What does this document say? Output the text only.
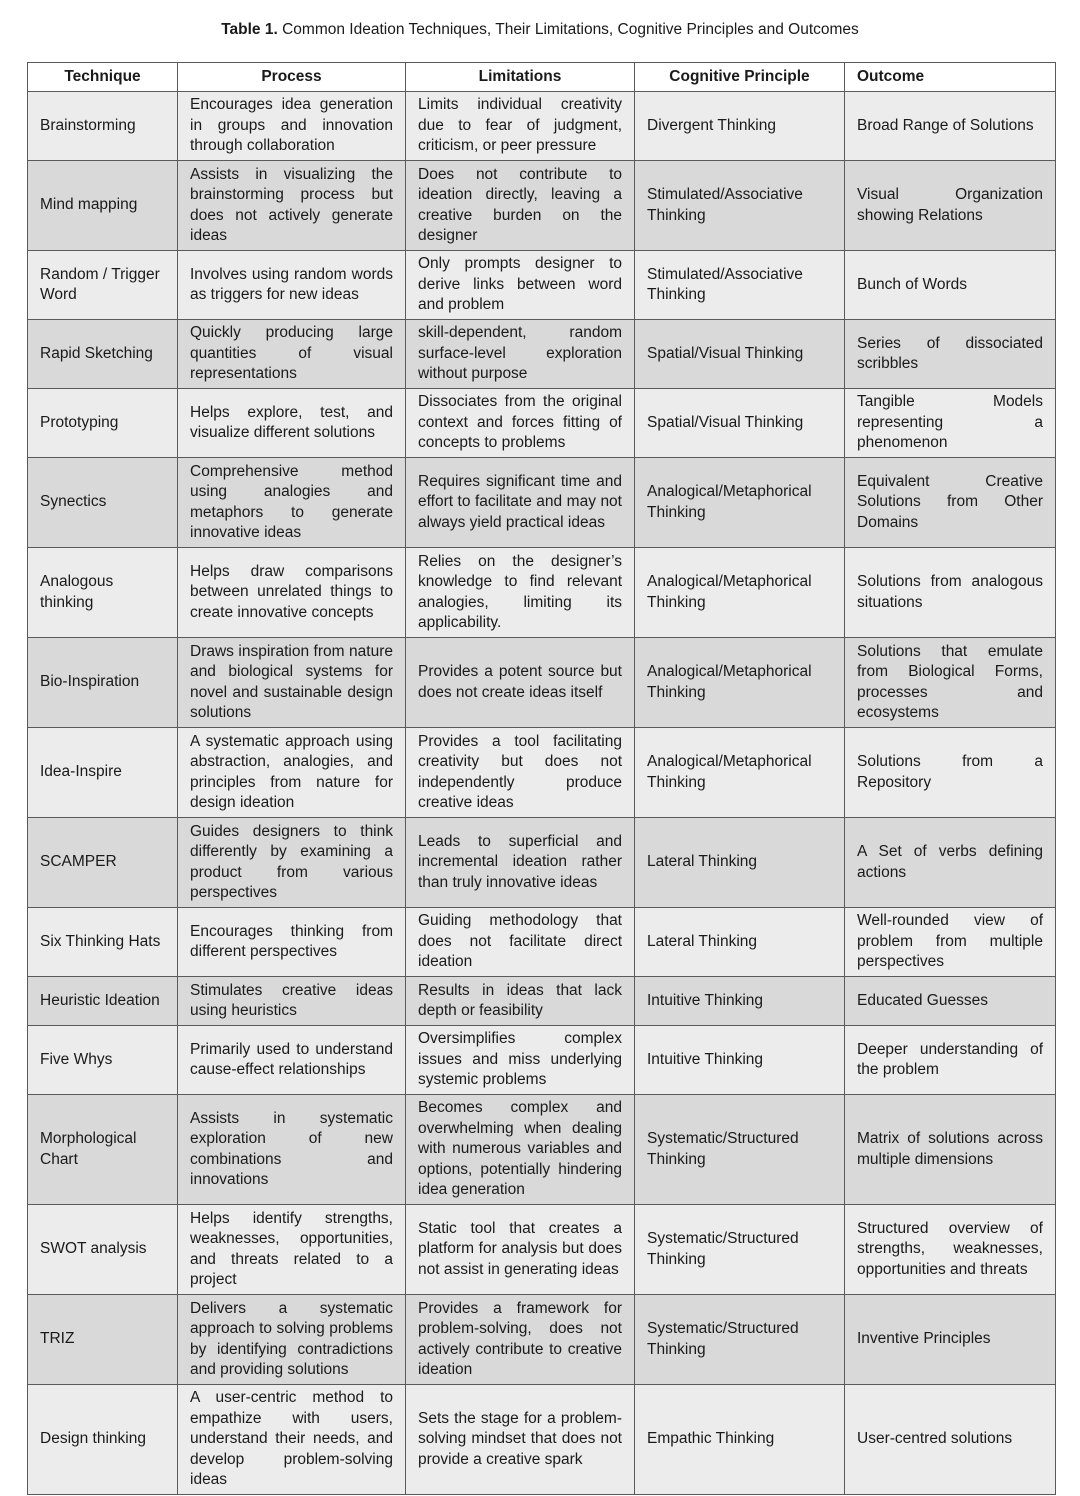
Table 1. Common Ideation Techniques, Their Limitations, Cognitive Principles and Outcomes
Technique	Process	Limitations	Cognitive Principle	Outcome
Brainstorming	Encourages idea generation in groups and innovation through collaboration	Limits individual creativity due to fear of judgment, criticism, or peer pressure	Divergent Thinking	Broad Range of Solutions
Mind mapping	Assists in visualizing the brainstorming process but does not actively generate ideas	Does not contribute to ideation directly, leaving a creative burden on the designer	Stimulated/Associative Thinking	Visual Organization showing Relations
Random / Trigger Word	Involves using random words as triggers for new ideas	Only prompts designer to derive links between word and problem	Stimulated/Associative Thinking	Bunch of Words
Rapid Sketching	Quickly producing large quantities of visual representations	skill-dependent, random surface-level exploration without purpose	Spatial/Visual Thinking	Series of dissociated scribbles
Prototyping	Helps explore, test, and visualize different solutions	Dissociates from the original context and forces fitting of concepts to problems	Spatial/Visual Thinking	Tangible Models representing a phenomenon
Synectics	Comprehensive method using analogies and metaphors to generate innovative ideas	Requires significant time and effort to facilitate and may not always yield practical ideas	Analogical/Metaphorical Thinking	Equivalent Creative Solutions from Other Domains
Analogous thinking	Helps draw comparisons between unrelated things to create innovative concepts	Relies on the designer’s knowledge to find relevant analogies, limiting its applicability.	Analogical/Metaphorical Thinking	Solutions from analogous situations
Bio-Inspiration	Draws inspiration from nature and biological systems for novel and sustainable design solutions	Provides a potent source but does not create ideas itself	Analogical/Metaphorical Thinking	Solutions that emulate from Biological Forms, processes and ecosystems
Idea-Inspire	A systematic approach using abstraction, analogies, and principles from nature for design ideation	Provides a tool facilitating creativity but does not independently produce creative ideas	Analogical/Metaphorical Thinking	Solutions from a Repository
SCAMPER	Guides designers to think differently by examining a product from various perspectives	Leads to superficial and incremental ideation rather than truly innovative ideas	Lateral Thinking	A Set of verbs defining actions
Six Thinking Hats	Encourages thinking from different perspectives	Guiding methodology that does not facilitate direct ideation	Lateral Thinking	Well-rounded view of problem from multiple perspectives
Heuristic Ideation	Stimulates creative ideas using heuristics	Results in ideas that lack depth or feasibility	Intuitive Thinking	Educated Guesses
Five Whys	Primarily used to understand cause-effect relationships	Oversimplifies complex issues and miss underlying systemic problems	Intuitive Thinking	Deeper understanding of the problem
Morphological Chart	Assists in systematic exploration of new combinations and innovations	Becomes complex and overwhelming when dealing with numerous variables and options, potentially hindering idea generation	Systematic/Structured Thinking	Matrix of solutions across multiple dimensions
SWOT analysis	Helps identify strengths, weaknesses, opportunities, and threats related to a project	Static tool that creates a platform for analysis but does not assist in generating ideas	Systematic/Structured Thinking	Structured overview of strengths, weaknesses, opportunities and threats
TRIZ	Delivers a systematic approach to solving problems by identifying contradictions and providing solutions	Provides a framework for problem-solving, does not actively contribute to creative ideation	Systematic/Structured Thinking	Inventive Principles
Design thinking	A user-centric method to empathize with users, understand their needs, and develop problem-solving ideas	Sets the stage for a problem-solving mindset that does not provide a creative spark	Empathic Thinking	User-centred solutions
